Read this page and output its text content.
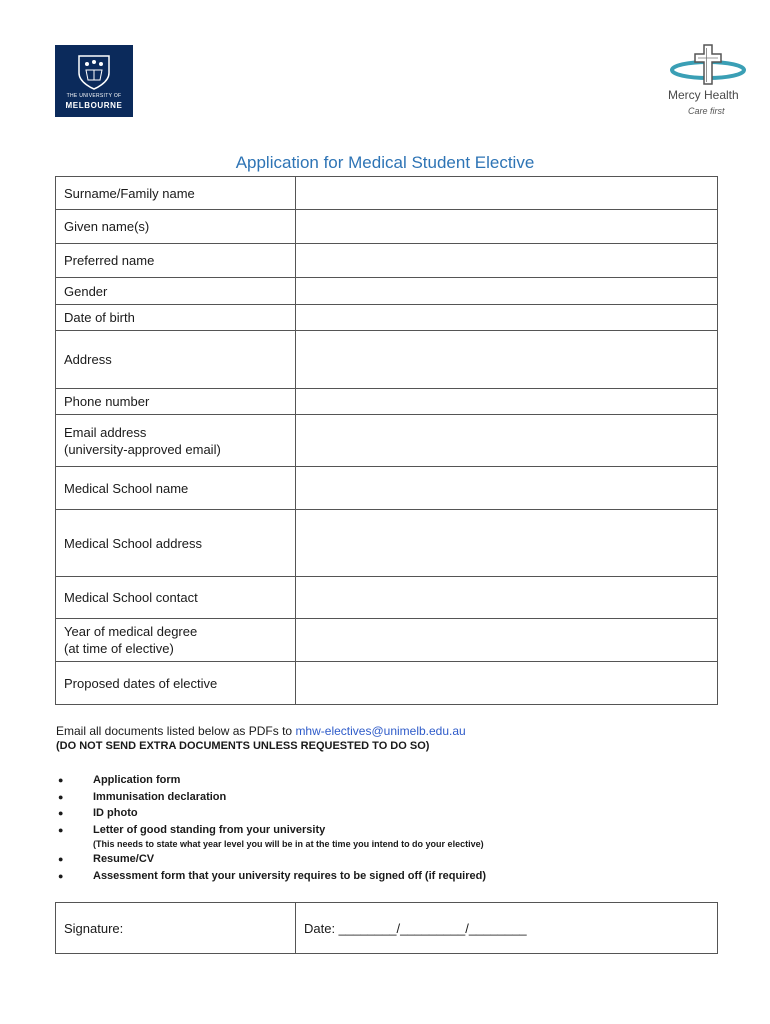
THE UNIVERSITY OF
MELBOURNE
Mercy Health
Care first
Application for Medical Student Elective
Surname/Family name	
Given name(s)	
Preferred name	
Gender	
Date of birth	
Address	
Phone number	

Email address
(university-approved email)	

Medical School name	
Medical School address	
Medical School contact	

Year of medical degree
(at time of elective)	

Proposed dates of elective	
Email all documents listed below as PDFs to mhw-electives@unimelb.edu.au
(DO NOT SEND EXTRA DOCUMENTS UNLESS REQUESTED TO DO SO)
●	Application form
●	Immunisation declaration
●	ID photo
●	Letter of good standing from your university
(This needs to state what year level you will be in at the time you intend to do your elective)
●	Resume/CV
●	Assessment form that your university requires to be signed off (if required)
Signature:	Date: ________/_________/________
